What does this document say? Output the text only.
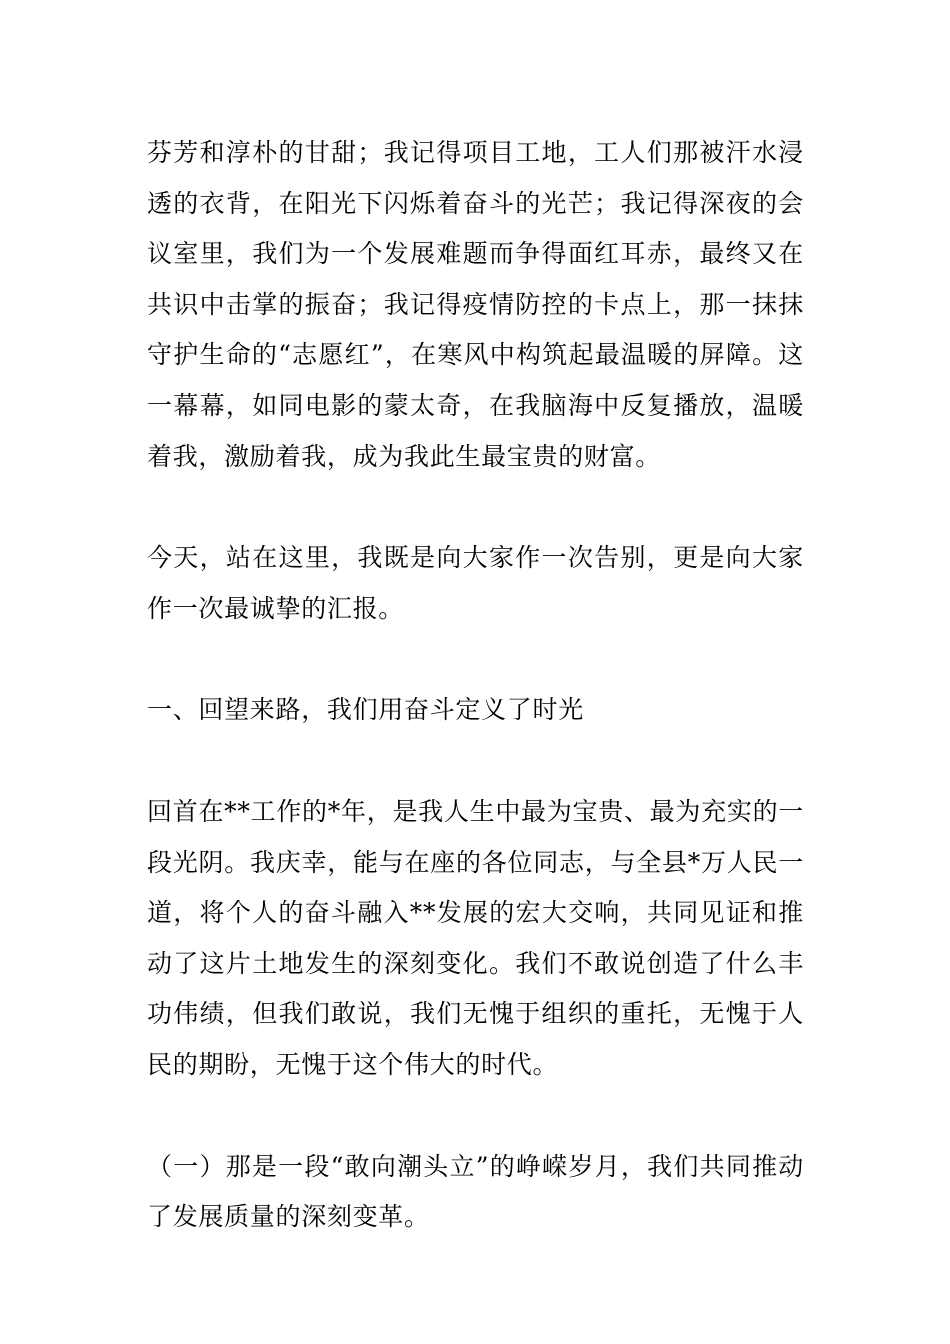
芬芳和淳朴的甘甜；我记得项目工地，工人们那被汗水浸透的衣背，在阳光下闪烁着奋斗的光芒；我记得深夜的会议室里，我们为一个发展难题而争得面红耳赤，最终又在共识中击掌的振奋；我记得疫情防控的卡点上，那一抹抹守护生命的“志愿红”，在寒风中构筑起最温暖的屏障。这一幕幕，如同电影的蒙太奇，在我脑海中反复播放，温暖着我，激励着我，成为我此生最宝贵的财富。

今天，站在这里，我既是向大家作一次告别，更是向大家作一次最诚挚的汇报。

一、回望来路，我们用奋斗定义了时光

回首在**工作的*年，是我人生中最为宝贵、最为充实的一段光阴。我庆幸，能与在座的各位同志，与全县*万人民一道，将个人的奋斗融入**发展的宏大交响，共同见证和推动了这片土地发生的深刻变化。我们不敢说创造了什么丰功伟绩，但我们敢说，我们无愧于组织的重托，无愧于人民的期盼，无愧于这个伟大的时代。

（一）那是一段“敢向潮头立”的峥嵘岁月，我们共同推动了发展质量的深刻变革。
